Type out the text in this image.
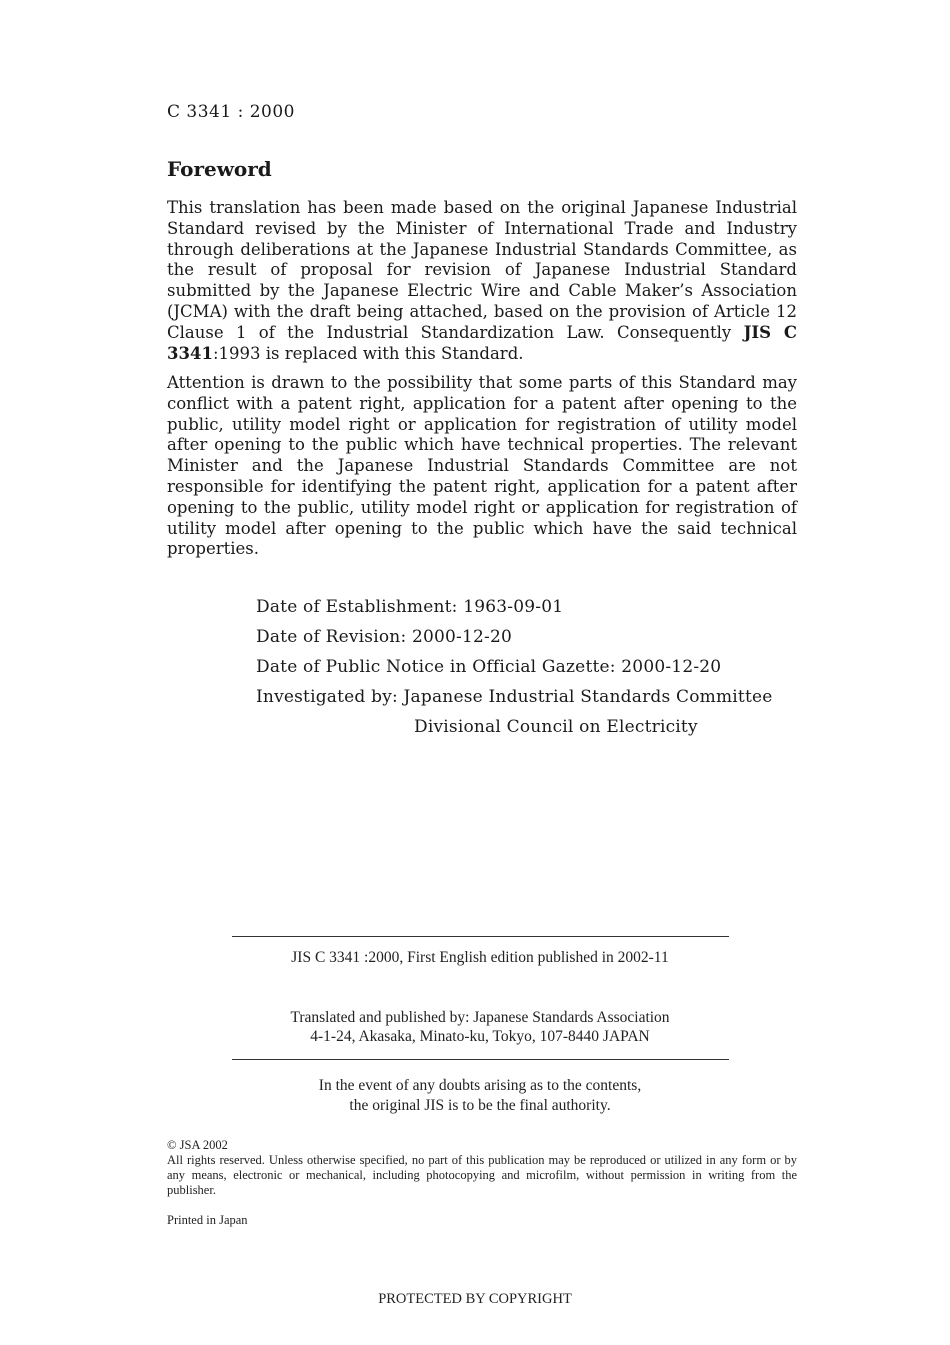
C 3341 : 2000
Foreword

This translation has been made based on the original Japanese Industrial Standard revised by the Minister of International Trade and Industry through deliberations at the Japanese Industrial Standards Committee, as the result of proposal for revision of Japanese Industrial Standard submitted by the Japanese Electric Wire and Cable Maker’s Association (JCMA) with the draft being attached, based on the provision of Article 12 Clause 1 of the Industrial Standardization Law. Consequently JIS C 3341:1993 is replaced with this Standard.

Attention is drawn to the possibility that some parts of this Standard may conflict with a patent right, application for a patent after opening to the public, utility model right or application for registration of utility model after opening to the public which have technical properties. The relevant Minister and the Japanese Industrial Standards Committee are not responsible for identifying the patent right, application for a patent after opening to the public, utility model right or application for registration of utility model after opening to the public which have the said technical properties.

Date of Establishment: 1963-09-01
Date of Revision: 2000-12-20
Date of Public Notice in Official Gazette: 2000-12-20
Investigated by: Japanese Industrial Standards Committee
Divisional Council on Electricity
JIS C 3341 :2000, First English edition published in 2002-11
Translated and published by: Japanese Standards Association
4-1-24, Akasaka, Minato-ku, Tokyo, 107-8440 JAPAN
In the event of any doubts arising as to the contents,
the original JIS is to be the final authority.
© JSA 2002
All rights reserved. Unless otherwise specified, no part of this publication may be reproduced or utilized in any form or by any means, electronic or mechanical, including photocopying and microfilm, without permission in writing from the publisher.
Printed in Japan
PROTECTED BY COPYRIGHT
